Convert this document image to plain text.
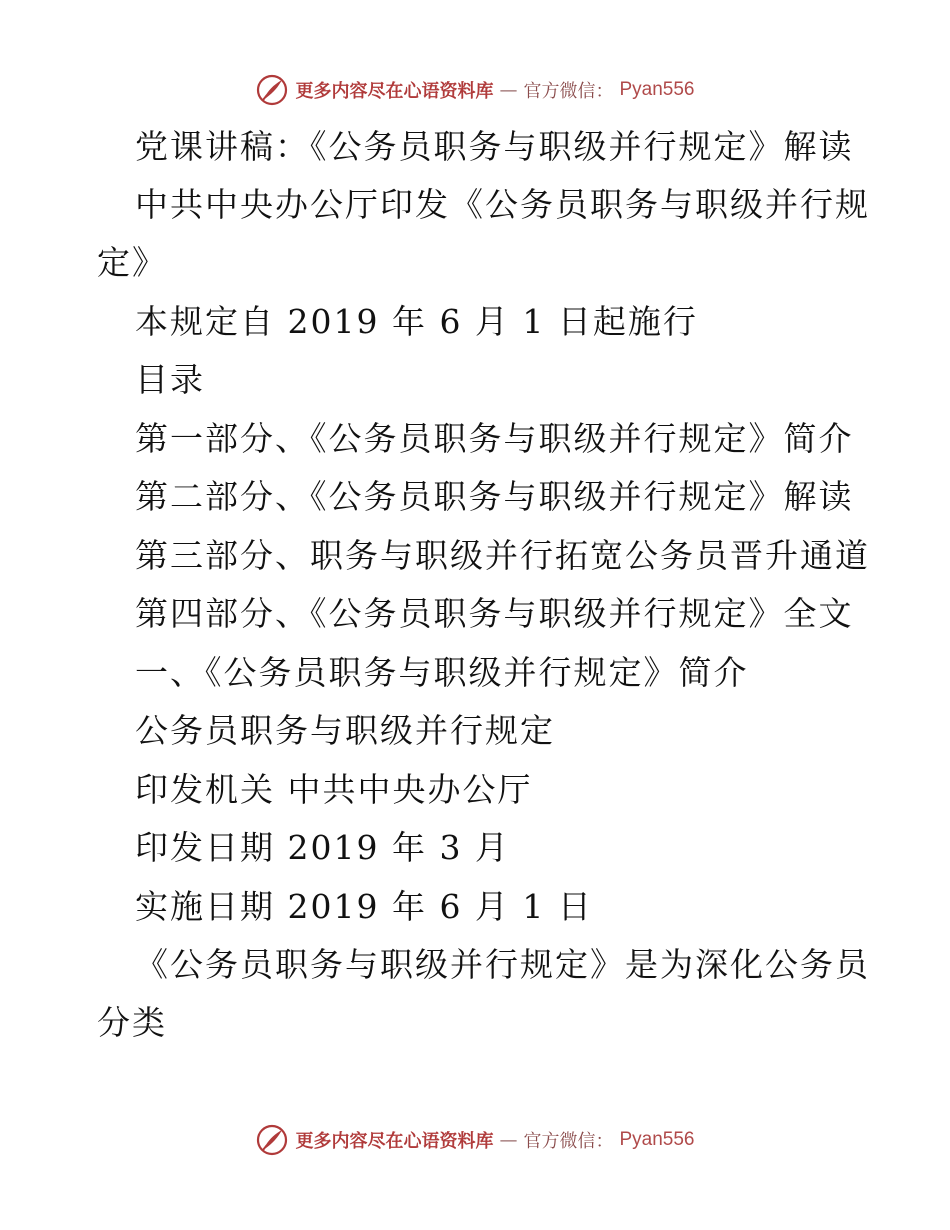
更多内容尽在心语资料库 — 官方微信： Pyan556
党课讲稿：《公务员职务与职级并行规定》解读
中共中央办公厅印发《公务员职务与职级并行规
定》
本规定自 2019 年 6 月 1 日起施行
目录
第一部分、《公务员职务与职级并行规定》简介
第二部分、《公务员职务与职级并行规定》解读
第三部分、职务与职级并行拓宽公务员晋升通道
第四部分、《公务员职务与职级并行规定》全文
一、《公务员职务与职级并行规定》简介
公务员职务与职级并行规定
印发机关 中共中央办公厅
印发日期 2019 年 3 月
实施日期 2019 年 6 月 1 日
《公务员职务与职级并行规定》是为深化公务员
分类
更多内容尽在心语资料库 — 官方微信： Pyan556
